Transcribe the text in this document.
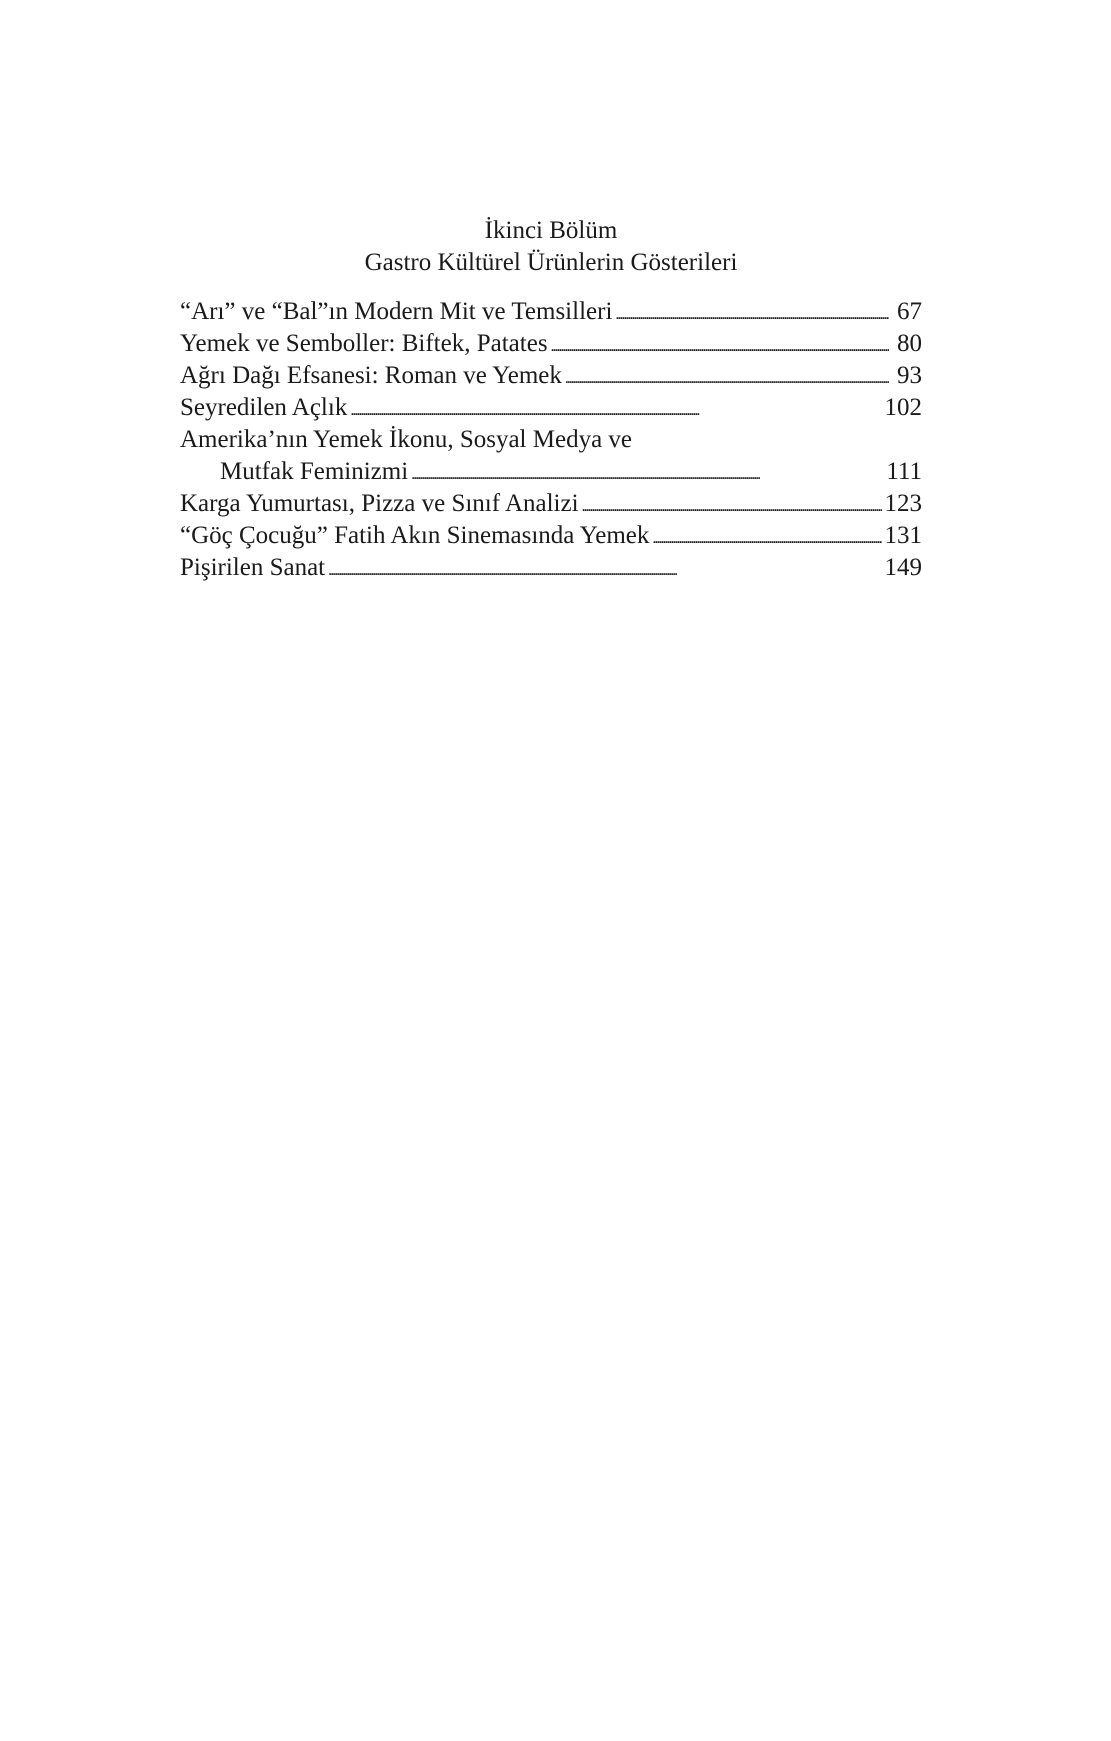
İkinci Bölüm
Gastro Kültürel Ürünlerin Gösterileri
“Arı” ve “Bal”ın Modern Mit ve Temsilleri . . .	67
Yemek ve Semboller: Biftek, Patates . . .	80
Ağrı Dağı Efsanesi: Roman ve Yemek . . .	93
Seyredilen Açlık . . .	102
Amerika’nın Yemek İkonu, Sosyal Medya ve
Mutfak Feminizmi . . .	111
Karga Yumurtası, Pizza ve Sınıf Analizi . . .	123
“Göç Çocuğu” Fatih Akın Sinemasında Yemek . . .	131
Pişirilen Sanat . . .	149
